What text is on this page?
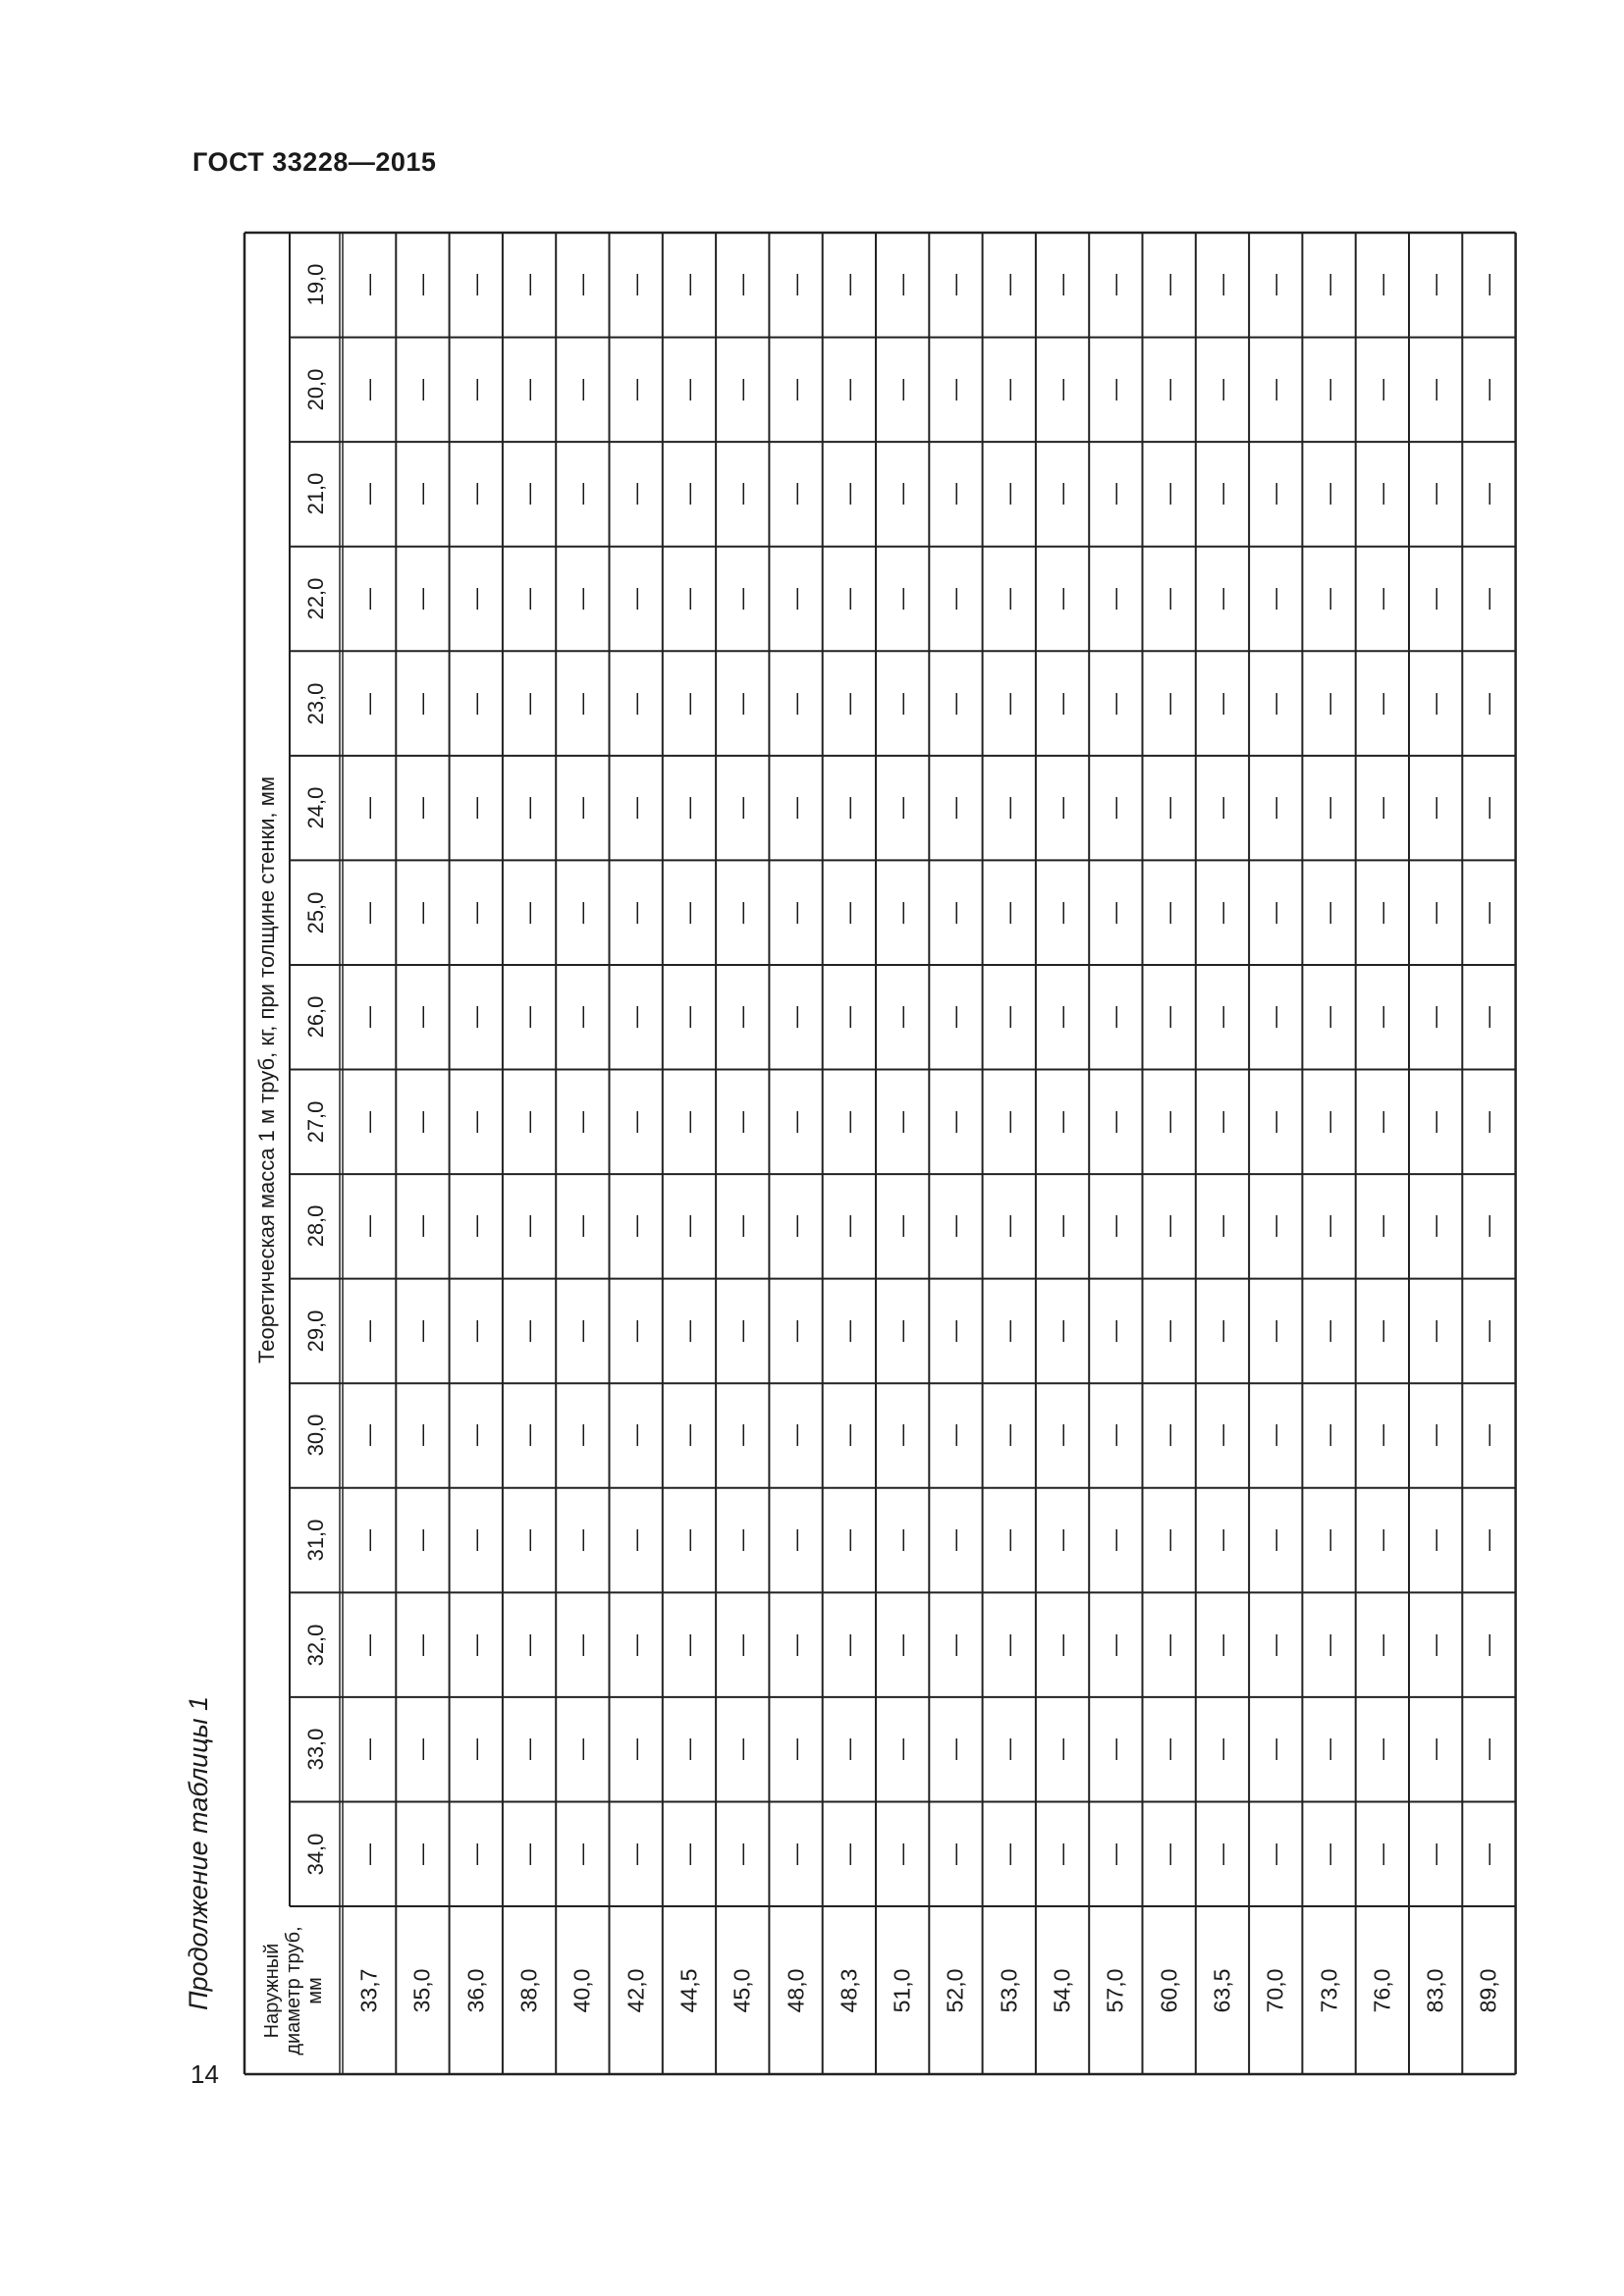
ГОСТ 33228—2015
Продолжение таблицы 1
14
Теоретическая масса 1 м труб, кг, при толщине стенки, мм
Наружный диаметр труб, мм
19,0
20,0
21,0
22,0
23,0
24,0
25,0
26,0
27,0
28,0
29,0
30,0
31,0
32,0
33,0
34,0
33,7
—
—
—
—
—
—
—
—
—
—
—
—
—
—
—
—
35,0
—
—
—
—
—
—
—
—
—
—
—
—
—
—
—
—
36,0
—
—
—
—
—
—
—
—
—
—
—
—
—
—
—
—
38,0
—
—
—
—
—
—
—
—
—
—
—
—
—
—
—
—
40,0
—
—
—
—
—
—
—
—
—
—
—
—
—
—
—
—
42,0
—
—
—
—
—
—
—
—
—
—
—
—
—
—
—
—
44,5
—
—
—
—
—
—
—
—
—
—
—
—
—
—
—
—
45,0
—
—
—
—
—
—
—
—
—
—
—
—
—
—
—
—
48,0
—
—
—
—
—
—
—
—
—
—
—
—
—
—
—
—
48,3
—
—
—
—
—
—
—
—
—
—
—
—
—
—
—
—
51,0
—
—
—
—
—
—
—
—
—
—
—
—
—
—
—
—
52,0
—
—
—
—
—
—
—
—
—
—
—
—
—
—
—
—
53,0
—
—
—
—
—
—
—
—
—
—
—
—
—
—
—
—
54,0
—
—
—
—
—
—
—
—
—
—
—
—
—
—
—
—
57,0
—
—
—
—
—
—
—
—
—
—
—
—
—
—
—
—
60,0
—
—
—
—
—
—
—
—
—
—
—
—
—
—
—
—
63,5
—
—
—
—
—
—
—
—
—
—
—
—
—
—
—
—
70,0
—
—
—
—
—
—
—
—
—
—
—
—
—
—
—
—
73,0
—
—
—
—
—
—
—
—
—
—
—
—
—
—
—
—
76,0
—
—
—
—
—
—
—
—
—
—
—
—
—
—
—
—
83,0
—
—
—
—
—
—
—
—
—
—
—
—
—
—
—
—
89,0
—
—
—
—
—
—
—
—
—
—
—
—
—
—
—
—
